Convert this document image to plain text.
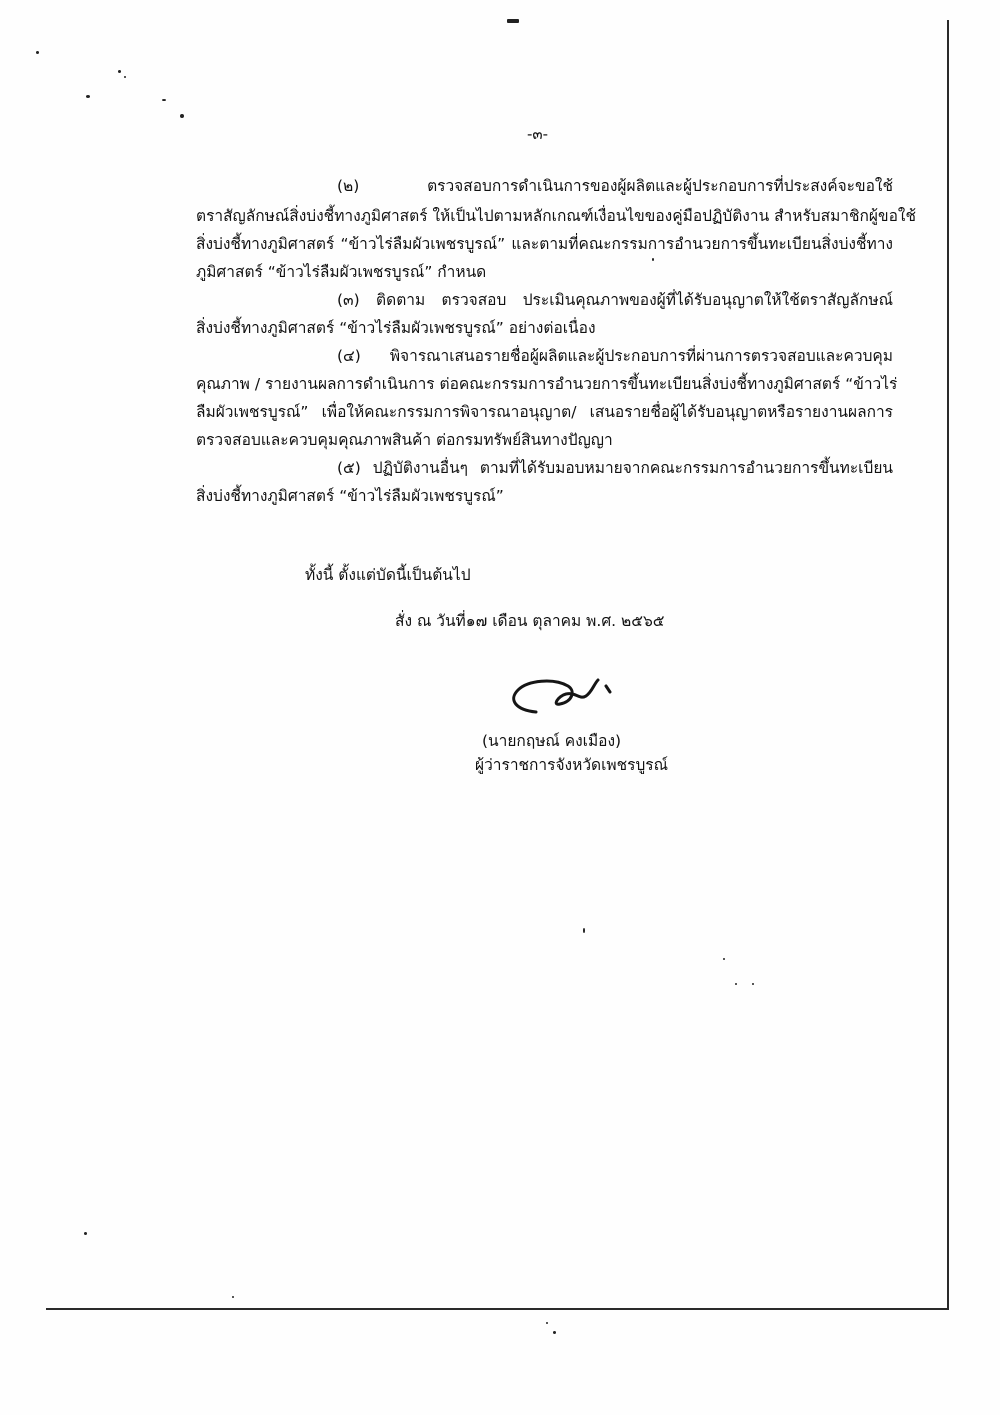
-๓-
(๒) ตรวจสอบการดำเนินการของผู้ผลิตและผู้ประกอบการที่ประสงค์จะขอใช้
ตราสัญลักษณ์สิ่งบ่งชี้ทางภูมิศาสตร์ ให้เป็นไปตามหลักเกณฑ์เงื่อนไขของคู่มือปฏิบัติงาน สำหรับสมาชิกผู้ขอใช้
สิ่งบ่งชี้ทางภูมิศาสตร์ “ข้าวไร่ลืมผัวเพชรบูรณ์” และตามที่คณะกรรมการอำนวยการขึ้นทะเบียนสิ่งบ่งชี้ทาง
ภูมิศาสตร์ “ข้าวไร่ลืมผัวเพชรบูรณ์” กำหนด
(๓) ติดตาม ตรวจสอบ ประเมินคุณภาพของผู้ที่ได้รับอนุญาตให้ใช้ตราสัญลักษณ์
สิ่งบ่งชี้ทางภูมิศาสตร์ “ข้าวไร่ลืมผัวเพชรบูรณ์” อย่างต่อเนื่อง
(๔) พิจารณาเสนอรายชื่อผู้ผลิตและผู้ประกอบการที่ผ่านการตรวจสอบและควบคุม
คุณภาพ / รายงานผลการดำเนินการ ต่อคณะกรรมการอำนวยการขึ้นทะเบียนสิ่งบ่งชี้ทางภูมิศาสตร์ “ข้าวไร่
ลืมผัวเพชรบูรณ์” เพื่อให้คณะกรรมการพิจารณาอนุญาต/ เสนอรายชื่อผู้ได้รับอนุญาตหรือรายงานผลการ
ตรวจสอบและควบคุมคุณภาพสินค้า ต่อกรมทรัพย์สินทางปัญญา
(๕) ปฏิบัติงานอื่นๆ ตามที่ได้รับมอบหมายจากคณะกรรมการอำนวยการขึ้นทะเบียน
สิ่งบ่งชี้ทางภูมิศาสตร์ “ข้าวไร่ลืมผัวเพชรบูรณ์”
ทั้งนี้ ตั้งแต่บัดนี้เป็นต้นไป
สั่ง ณ วันที่๑๗ เดือน ตุลาคม พ.ศ. ๒๕๖๕
(นายกฤษณ์ คงเมือง)
ผู้ว่าราชการจังหวัดเพชรบูรณ์
